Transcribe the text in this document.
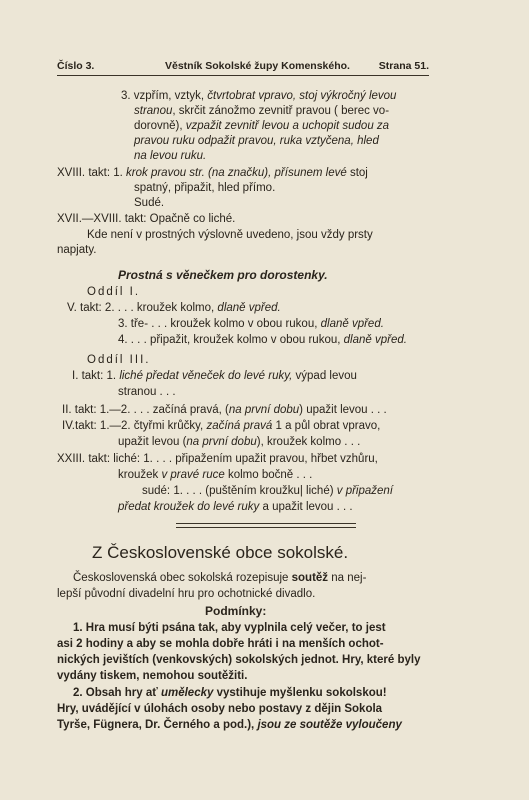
Číslo 3.	Věstník Sokolské župy Komenského.	Strana 51.
3. vzpřím, vztyk, čtvrtobrat vpravo, stoj výkročný levou
stranou, skrčit zánožmo zevnitř pravou ( berec vo-
dorovně), vzpažit zevnitř levou a uchopit sudou za
pravou ruku odpažit pravou, ruka vztyčena, hled
na levou ruku.
XVIII. takt: 1. krok pravou str. (na značku), přísunem levé stoj
spatný, připažit, hled přímo.
Sudé.
XVII.—XVIII. takt: Opačně co liché.
Kde není v prostných výslovně uvedeno, jsou vždy prsty
napjaty.
Prostná s věnečkem pro dorostenky.
Oddíl I.
V. takt: 2. . . . kroužek kolmo, dlaně vpřed.
3. tře- . . . kroužek kolmo v obou rukou, dlaně vpřed.
4. . . . připažit, kroužek kolmo v obou rukou, dlaně vpřed.
Oddíl III.
I. takt: 1. liché předat věneček do levé ruky, výpad levou
stranou . . .
II. takt: 1.—2. . . . začíná pravá, (na první dobu) upažit levou . . .
IV.takt: 1.—2. čtyřmi krůčky, začíná pravá 1 a půl obrat vpravo,
upažit levou (na první dobu), kroužek kolmo . . .
XXIII. takt: liché: 1. . . . připažením upažit pravou, hřbet vzhůru,
kroužek v pravé ruce kolmo bočně . . .
sudé: 1. . . . (puštěním kroužku| liché) v připažení
předat kroužek do levé ruky a upažit levou . . .
Z Československé obce sokolské.
Československá obec sokolská rozepisuje soutěž na nej-
lepší původní divadelní hru pro ochotnické divadlo.
Podmínky:
1. Hra musí býti psána tak, aby vyplnila celý večer, to jest
asi 2 hodiny a aby se mohla dobře hráti i na menších ochot-
nických jevištích (venkovských) sokolských jednot. Hry, které byly
vydány tiskem, nemohou soutěžiti.
2. Obsah hry ať umělecky vystihuje myšlenku sokolskou!
Hry, uvádějící v úlohách osoby nebo postavy z dějin Sokola
Tyrše, Fügnera, Dr. Černého a pod.), jsou ze soutěže vyloučeny
